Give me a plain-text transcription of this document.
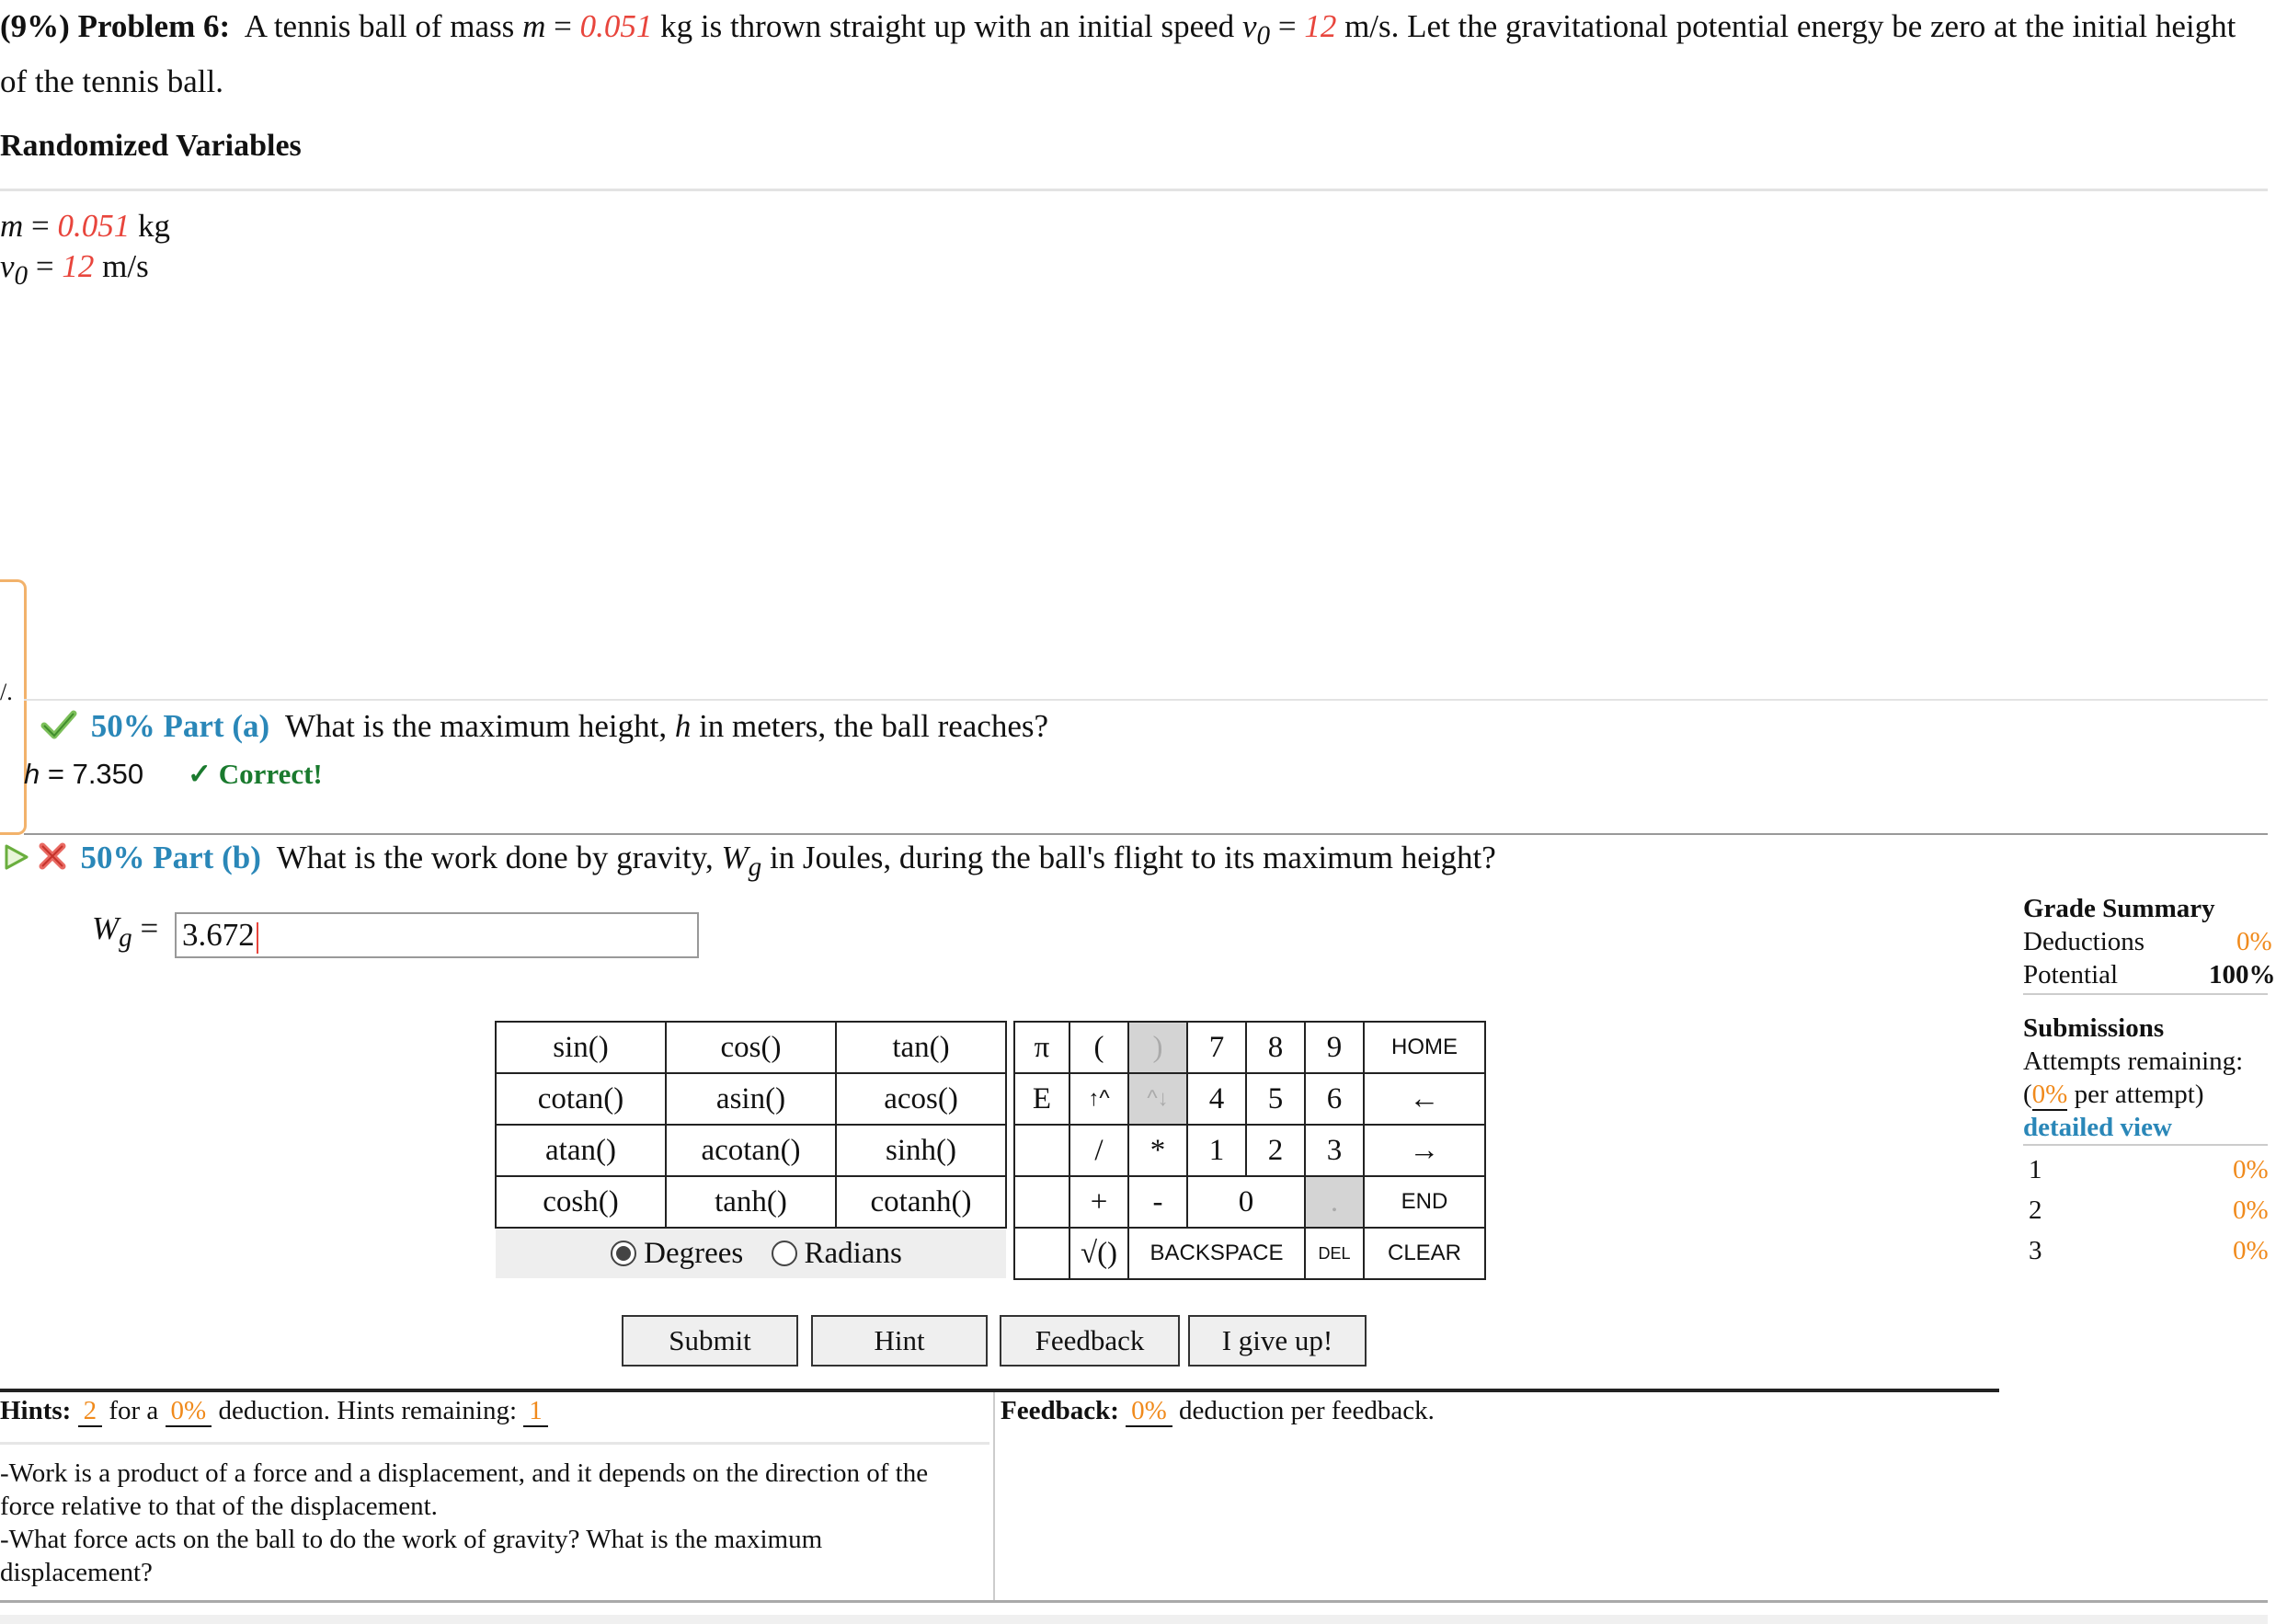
(9%) Problem 6: A tennis ball of mass m = 0.051 kg is thrown straight up with an initial speed $v_0 = 12$ m/s. Let the gravitational potential energy be zero at the initial height of the tennis ball.
Randomized Variables
m = 0.051 kg
$v_0 = 12$ m/s
/.
50% Part (a) What is the maximum height, h in meters, the ball reaches?
h = 7.350 ✓ Correct!
50% Part (b) What is the work done by gravity, $W_g$ in Joules, during the ball's flight to its maximum height?
$W_g = 3.672$
sin()	cos()	tan()
cotan()	asin()	acos()
atan()	acotan()	sinh()
cosh()	tanh()	cotanh()
Degrees Radians		
π	(	)	7	8	9	HOME
E	↑^	^↓	4	5	6	←
	/	*	1	2	3	→
	+	-	0		.	END
	√()	BACKSPACE			DEL	CLEAR
Submit	Hint	Feedback	I give up!
Hints: 2 for a 0% deduction. Hints remaining: 1
-Work is a product of a force and a displacement, and it depends on the direction of the force relative to that of the displacement.
-What force acts on the ball to do the work of gravity? What is the maximum displacement?
Feedback: 0% deduction per feedback.
Grade Summary
Deductions	0%
Potential	100%
Submissions
Attempts remaining:
(0% per attempt)
detailed view
1	0%
2	0%
3	0%
